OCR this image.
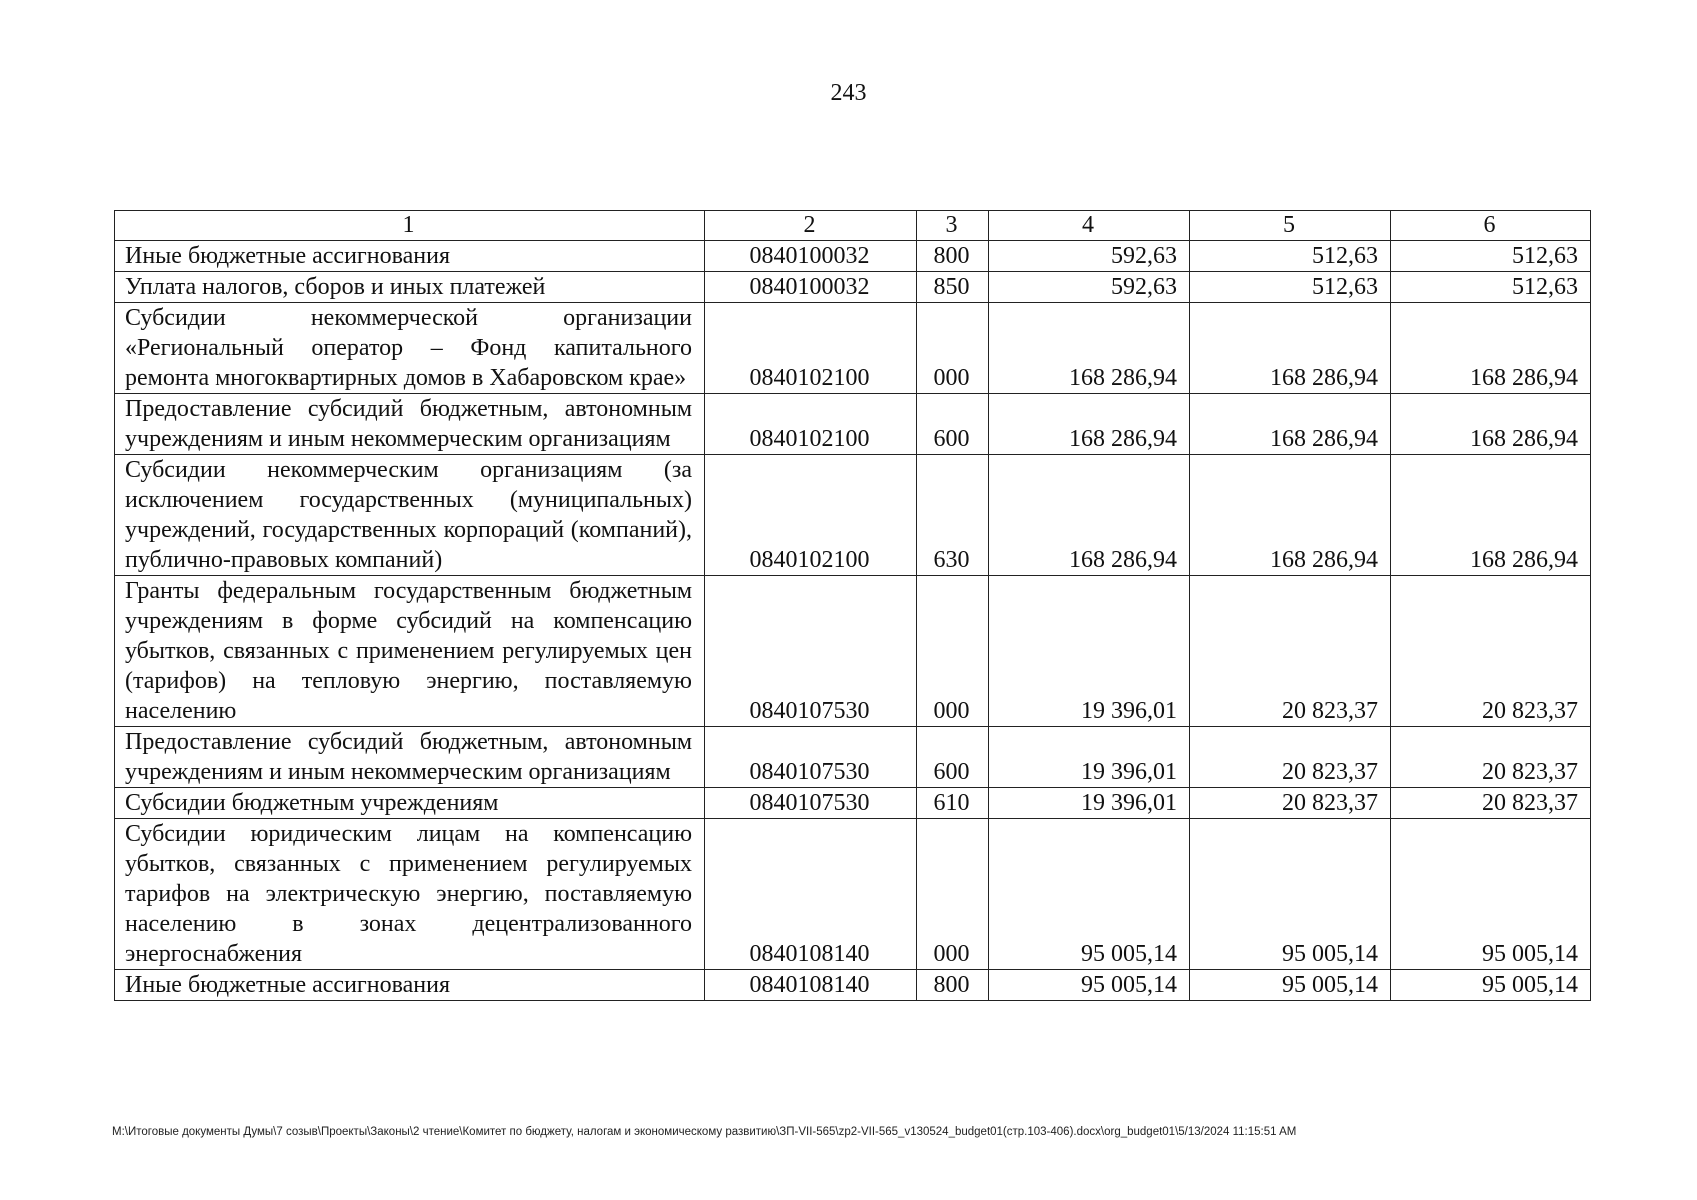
243
1	2	3	4	5	6
Иные бюджетные ассигнования	0840100032	800	592,63	512,63	512,63
Уплата налогов, сборов и иных платежей	0840100032	850	592,63	512,63	512,63
Субсидии некоммерческой организации «Региональный оператор – Фонд капитального ремонта многоквартирных домов в Хабаровском крае»	0840102100	000	168 286,94	168 286,94	168 286,94
Предоставление субсидий бюджетным, автономным учреждениям и иным некоммерческим организациям	0840102100	600	168 286,94	168 286,94	168 286,94
Субсидии некоммерческим организациям (за исключением государственных (муниципальных) учреждений, государственных корпораций (компаний), публично-правовых компаний)	0840102100	630	168 286,94	168 286,94	168 286,94
Гранты федеральным государственным бюджетным учреждениям в форме субсидий на компенсацию убытков, связанных с применением регулируемых цен (тарифов) на тепловую энергию, поставляемую населению	0840107530	000	19 396,01	20 823,37	20 823,37
Предоставление субсидий бюджетным, автономным учреждениям и иным некоммерческим организациям	0840107530	600	19 396,01	20 823,37	20 823,37
Субсидии бюджетным учреждениям	0840107530	610	19 396,01	20 823,37	20 823,37
Субсидии юридическим лицам на компенсацию убытков, связанных с применением регулируемых тарифов на электрическую энергию, поставляемую населению в зонах децентрализованного энергоснабжения	0840108140	000	95 005,14	95 005,14	95 005,14
Иные бюджетные ассигнования	0840108140	800	95 005,14	95 005,14	95 005,14
M:\Итоговые документы Думы\7 созыв\Проекты\Законы\2 чтение\Комитет по бюджету, налогам и экономическому развитию\ЗП-VII-565\zp2-VII-565_v130524_budget01(стр.103-406).docx\org_budget01\5/13/2024 11:15:51 AM
